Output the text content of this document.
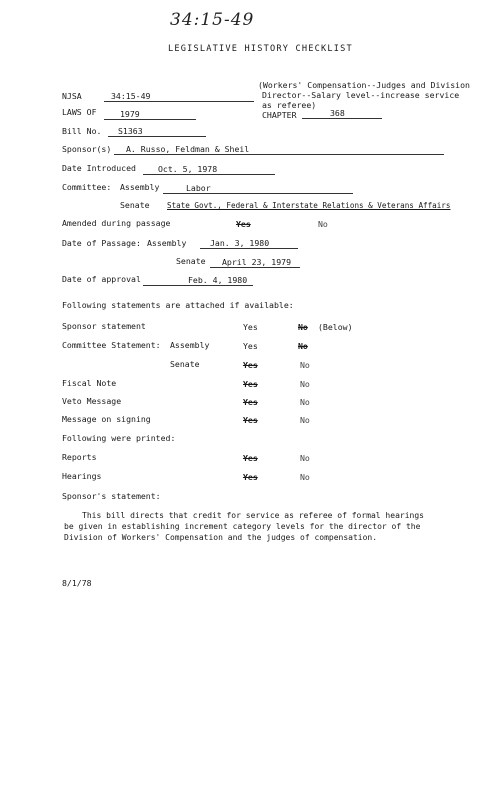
34:15-49
LEGISLATIVE HISTORY CHECKLIST
NJSA	34:15-49
(Workers' Compensation--Judges and Division
Director--Salary level--increase service
as referee)
LAWS OF	1979	CHAPTER	368
Bill No. S1363
Sponsor(s) A. Russo, Feldman & Sheil
Date Introduced	Oct. 5, 1978
Committee: Assembly	Labor
Senate State Govt., Federal & Interstate Relations & Veterans Affairs
Amended during passage	Yes	No
Date of Passage: Assembly	Jan. 3, 1980
Senate April 23, 1979
Date of approval	Feb. 4, 1980
Following statements are attached if available:
Sponsor statement	Yes	No (Below)
Committee Statement: Assembly	Yes	No
Senate	Yes	No
Fiscal Note	Yes	No
Veto Message	Yes	No
Message on signing	Yes	No
Following were printed:
Reports	Yes	No
Hearings	Yes	No
Sponsor's statement:
This bill directs that credit for service as referee of formal hearings be given in establishing increment category levels for the director of the Division of Workers' Compensation and the judges of compensation.
8/1/78
